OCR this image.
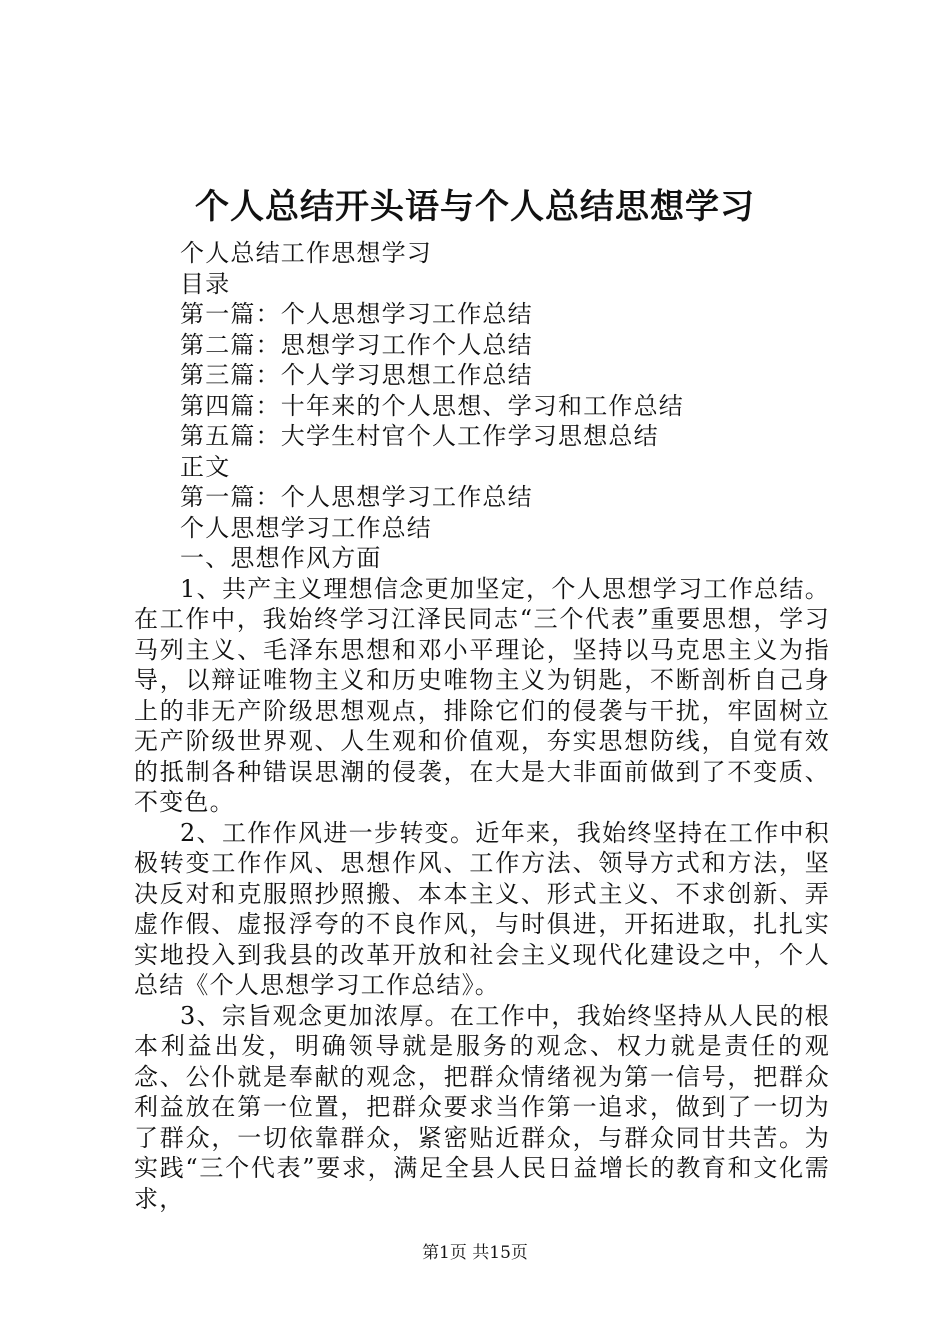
个人总结开头语与个人总结思想学习

个人总结工作思想学习

目录

第一篇：个人思想学习工作总结

第二篇：思想学习工作个人总结

第三篇：个人学习思想工作总结

第四篇：十年来的个人思想、学习和工作总结

第五篇：大学生村官个人工作学习思想总结

正文

第一篇：个人思想学习工作总结

个人思想学习工作总结

一、思想作风方面

1、共产主义理想信念更加坚定，个人思想学习工作总结。在工作中，我始终学习江泽民同志“三个代表”重要思想，学习马列主义、毛泽东思想和邓小平理论，坚持以马克思主义为指导，以辩证唯物主义和历史唯物主义为钥匙，不断剖析自己身上的非无产阶级思想观点，排除它们的侵袭与干扰，牢固树立无产阶级世界观、人生观和价值观，夯实思想防线，自觉有效的抵制各种错误思潮的侵袭，在大是大非面前做到了不变质、不变色。

2、工作作风进一步转变。近年来，我始终坚持在工作中积极转变工作作风、思想作风、工作方法、领导方式和方法，坚决反对和克服照抄照搬、本本主义、形式主义、不求创新、弄虚作假、虚报浮夸的不良作风，与时俱进，开拓进取，扎扎实实地投入到我县的改革开放和社会主义现代化建设之中，个人总结《个人思想学习工作总结》。

3、宗旨观念更加浓厚。在工作中，我始终坚持从人民的根本利益出发，明确领导就是服务的观念、权力就是责任的观念、公仆就是奉献的观念，把群众情绪视为第一信号，把群众利益放在第一位置，把群众要求当作第一追求，做到了一切为了群众，一切依靠群众，紧密贴近群众，与群众同甘共苦。为实践“三个代表”要求，满足全县人民日益增长的教育和文化需求，

第1页 共15页
